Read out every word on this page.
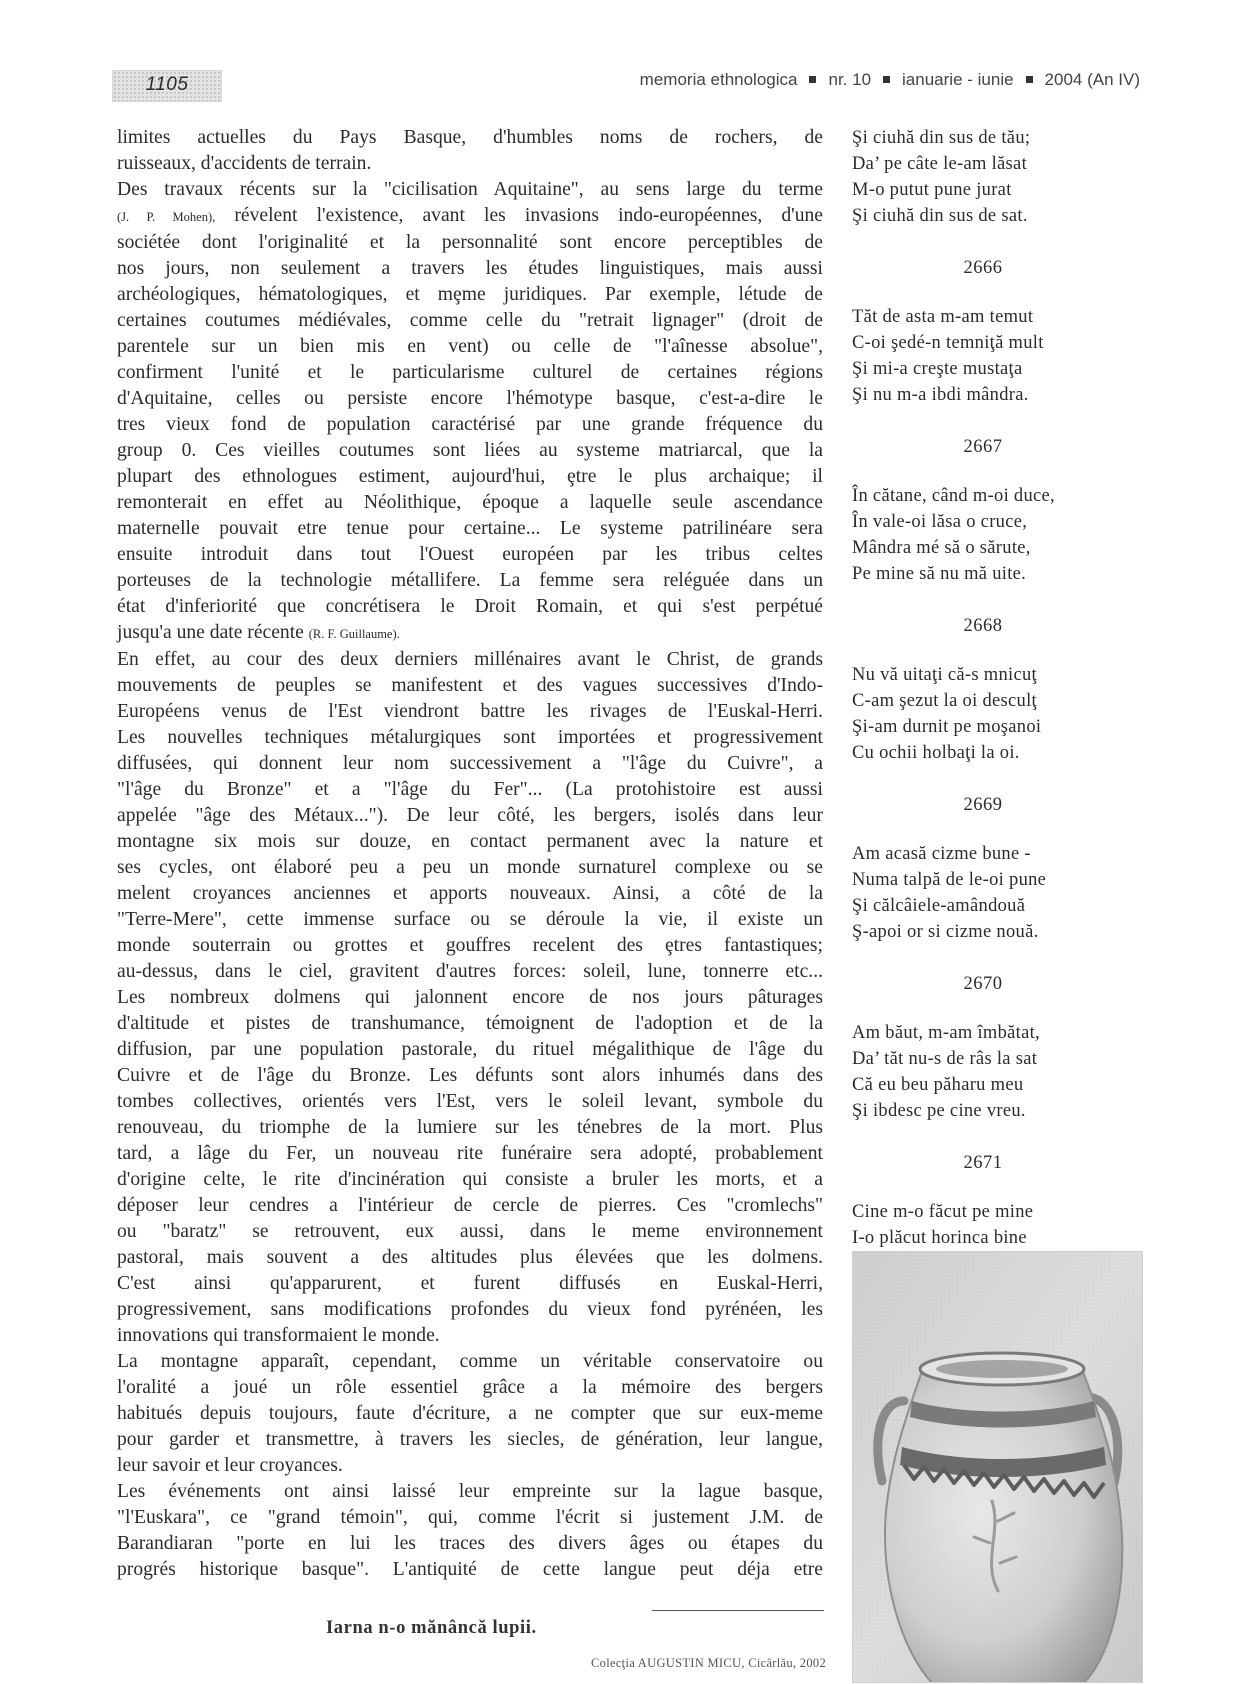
1105	memoria ethnologica nr. 10 ianuarie - iunie 2004 (An IV)

limites actuelles du Pays Basque, d'humbles noms de rochers, de

ruisseaux, d'accidents de terrain.

Des travaux récents sur la "cicilisation Aquitaine", au sens large du terme

(J. P. Mohen), révelent l'existence, avant les invasions indo-européennes, d'une

sociétée dont l'originalité et la personnalité sont encore perceptibles de

nos jours, non seulement a travers les études linguistiques, mais aussi

archéologiques, hématologiques, et mȩme juridiques. Par exemple, létude de

certaines coutumes médiévales, comme celle du "retrait lignager" (droit de

parentele sur un bien mis en vent) ou celle de "l'aînesse absolue",

confirment l'unité et le particularisme culturel de certaines régions

d'Aquitaine, celles ou persiste encore l'hémotype basque, c'est-a-dire le

tres vieux fond de population caractérisé par une grande fréquence du

group 0. Ces vieilles coutumes sont liées au systeme matriarcal, que la

plupart des ethnologues estiment, aujourd'hui, ȩtre le plus archaique; il

remonterait en effet au Néolithique, époque a laquelle seule ascendance

maternelle pouvait etre tenue pour certaine... Le systeme patrilinéare sera

ensuite introduit dans tout l'Ouest européen par les tribus celtes

porteuses de la technologie métallifere. La femme sera reléguée dans un

état d'inferiorité que concrétisera le Droit Romain, et qui s'est perpétué

jusqu'a une date récente (R. F. Guillaume).

En effet, au cour des deux derniers millénaires avant le Christ, de grands

mouvements de peuples se manifestent et des vagues successives d'Indo-

Européens venus de l'Est viendront battre les rivages de l'Euskal-Herri.

Les nouvelles techniques métalurgiques sont importées et progressivement

diffusées, qui donnent leur nom successivement a "l'âge du Cuivre", a

"l'âge du Bronze" et a "l'âge du Fer"... (La protohistoire est aussi

appelée "âge des Métaux..."). De leur côté, les bergers, isolés dans leur

montagne six mois sur douze, en contact permanent avec la nature et

ses cycles, ont élaboré peu a peu un monde surnaturel complexe ou se

melent croyances anciennes et apports nouveaux. Ainsi, a côté de la

"Terre-Mere", cette immense surface ou se déroule la vie, il existe un

monde souterrain ou grottes et gouffres recelent des ȩtres fantastiques;

au-dessus, dans le ciel, gravitent d'autres forces: soleil, lune, tonnerre etc...

Les nombreux dolmens qui jalonnent encore de nos jours pâturages

d'altitude et pistes de transhumance, témoignent de l'adoption et de la

diffusion, par une population pastorale, du rituel mégalithique de l'âge du

Cuivre et de l'âge du Bronze. Les défunts sont alors inhumés dans des

tombes collectives, orientés vers l'Est, vers le soleil levant, symbole du

renouveau, du triomphe de la lumiere sur les ténebres de la mort. Plus

tard, a lâge du Fer, un nouveau rite funéraire sera adopté, probablement

d'origine celte, le rite d'incinération qui consiste a bruler les morts, et a

déposer leur cendres a l'intérieur de cercle de pierres. Ces "cromlechs"

ou "baratz" se retrouvent, eux aussi, dans le meme environnement

pastoral, mais souvent a des altitudes plus élevées que les dolmens.

C'est ainsi qu'apparurent, et furent diffusés en Euskal-Herri,

progressivement, sans modifications profondes du vieux fond pyrénéen, les

innovations qui transformaient le monde.

La montagne apparaît, cependant, comme un véritable conservatoire ou

l'oralité a joué un rôle essentiel grâce a la mémoire des bergers

habitués depuis toujours, faute d'écriture, a ne compter que sur eux-meme

pour garder et transmettre, à travers les siecles, de génération, leur langue,

leur savoir et leur croyances.

Les événements ont ainsi laissé leur empreinte sur la lague basque,

"l'Euskara", ce "grand témoin", qui, comme l'écrit si justement J.M. de

Barandiaran "porte en lui les traces des divers âges ou étapes du

progrés historique basque". L'antiquité de cette langue peut déja etre

Iarna n-o mănâncă lupii.
Colecţia AUGUSTIN MICU, Cicârlău, 2002
Şi ciuhă din sus de tău;
Da’ pe câte le-am lăsat
M-o putut pune jurat
Şi ciuhă din sus de sat.
2666
Tăt de asta m-am temut
C-oi şedé-n temniţă mult
Şi mi-a creşte mustaţa
Şi nu m-a ibdi mândra.
2667
În cătane, când m-oi duce,
În vale-oi lăsa o cruce,
Mândra mé să o sărute,
Pe mine să nu mă uite.
2668
Nu vă uitaţi că-s mnicuţ
C-am şezut la oi desculţ
Şi-am durnit pe moşanoi
Cu ochii holbaţi la oi.
2669
Am acasă cizme bune -
Numa talpă de le-oi pune
Şi călcâiele-amândouă
Ş-apoi or si cizme nouă.
2670
Am băut, m-am îmbătat,
Da’ tăt nu-s de râs la sat
Că eu beu păharu meu
Şi ibdesc pe cine vreu.
2671
Cine m-o făcut pe mine
I-o plăcut horinca bine
